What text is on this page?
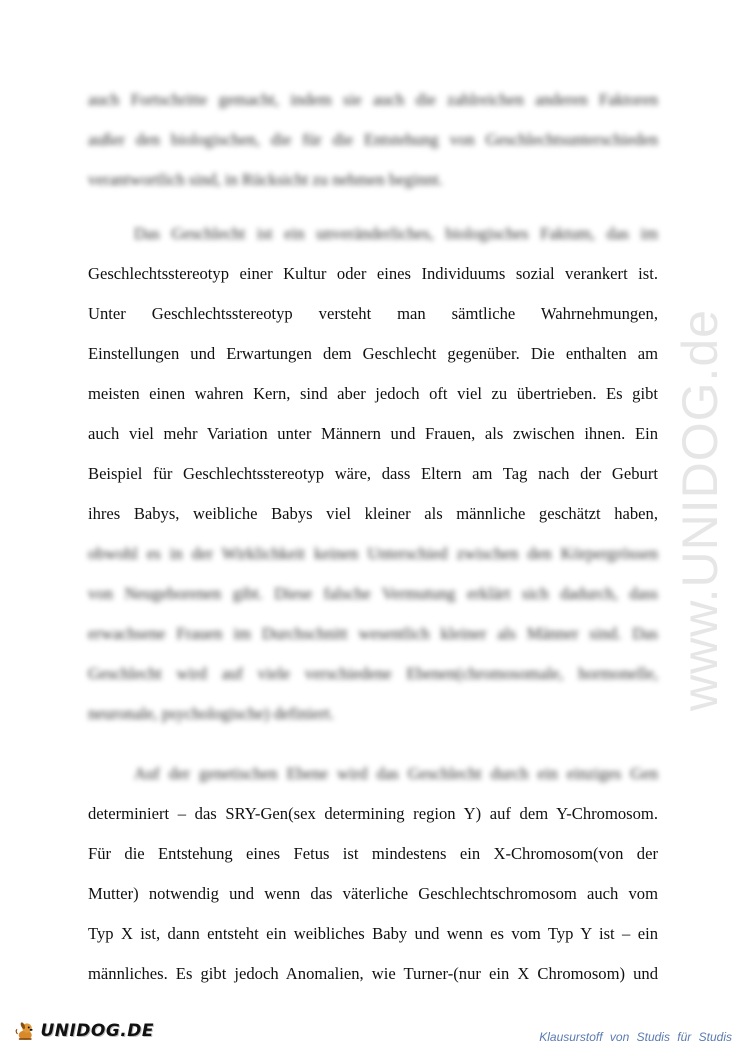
www.UNIDOG.de
auch Fortschritte gemacht, indem sie auch die zahlreichen anderen Faktoren
außer den biologischen, die für die Entstehung von Geschlechtsunterschieden
verantwortlich sind, in Rücksicht zu nehmen beginnt.
Das Geschlecht ist ein unveränderliches, biologisches Faktum, das im
Geschlechtsstereotyp einer Kultur oder eines Individuums sozial verankert ist.
Unter Geschlechtsstereotyp versteht man sämtliche Wahrnehmungen,
Einstellungen und Erwartungen dem Geschlecht gegenüber. Die enthalten am
meisten einen wahren Kern, sind aber jedoch oft viel zu übertrieben. Es gibt
auch viel mehr Variation unter Männern und Frauen, als zwischen ihnen. Ein
Beispiel für Geschlechtsstereotyp wäre, dass Eltern am Tag nach der Geburt
ihres Babys, weibliche Babys viel kleiner als männliche geschätzt haben,
obwohl es in der Wirklichkeit keinen Unterschied zwischen den Körpergrössen
von Neugeborenen gibt. Diese falsche Vermutung erklärt sich dadurch, dass
erwachsene Frauen im Durchschnitt wesentlich kleiner als Männer sind. Das
Geschlecht wird auf viele verschiedene Ebenen(chromosomale, hormonelle,
neuronale, psychologische) definiert.
Auf der genetischen Ebene wird das Geschlecht durch ein einziges Gen
determiniert – das SRY-Gen(sex determining region Y) auf dem Y-Chromosom.
Für die Entstehung eines Fetus ist mindestens ein X-Chromosom(von der
Mutter) notwendig und wenn das väterliche Geschlechtschromosom auch vom
Typ X ist, dann entsteht ein weibliches Baby und wenn es vom Typ Y ist – ein
männliches. Es gibt jedoch Anomalien, wie Turner-(nur ein X Chromosom) und
UNIDOG.DE	Klausurstoff von Studis für Studis
